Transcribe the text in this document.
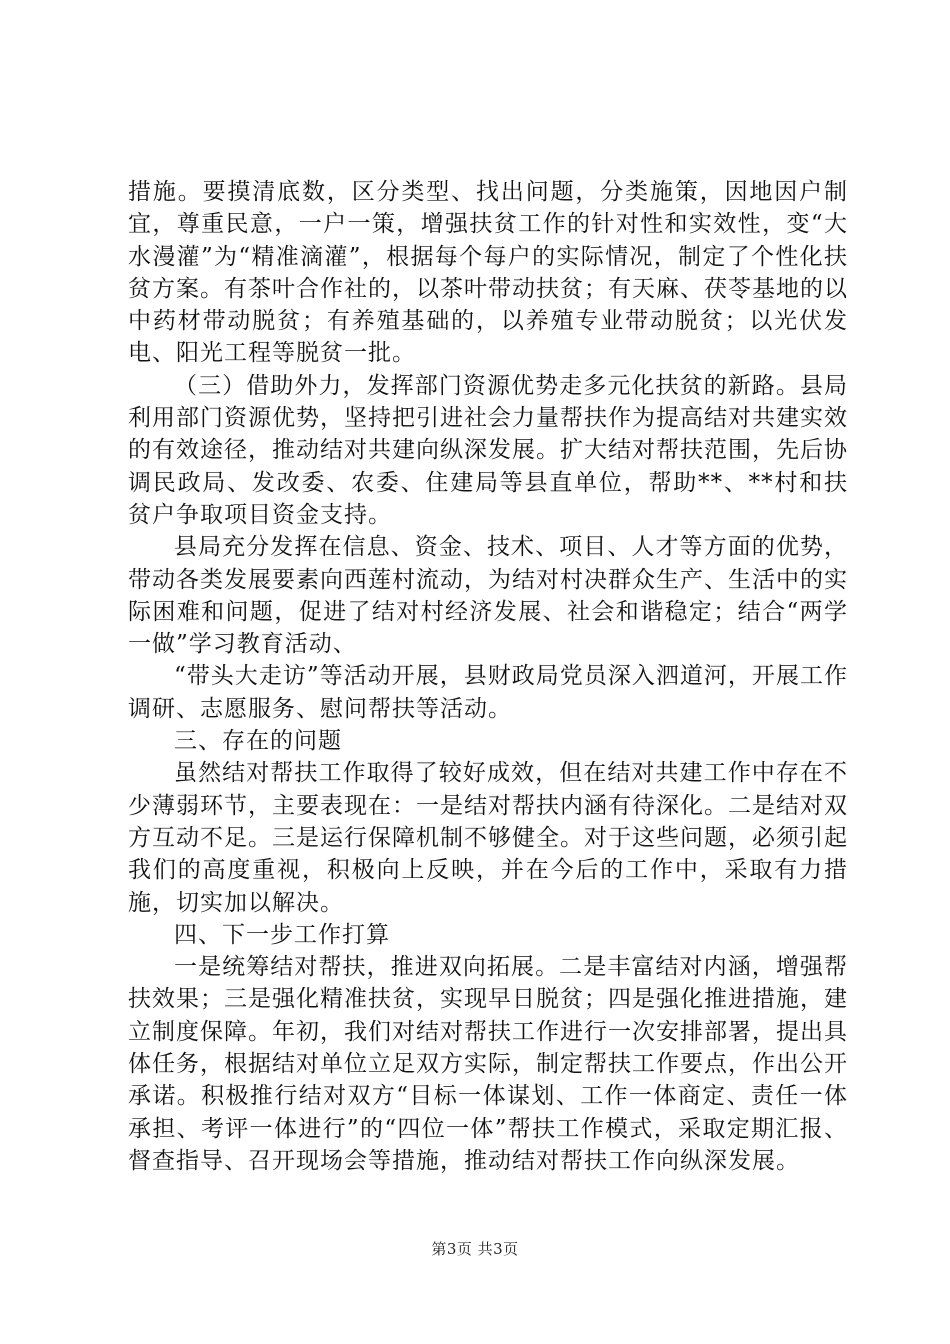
措施。要摸清底数，区分类型、找出问题，分类施策，因地因户制宜，尊重民意，一户一策，增强扶贫工作的针对性和实效性，变“大水漫灌”为“精准滴灌”，根据每个每户的实际情况，制定了个性化扶贫方案。有茶叶合作社的，以茶叶带动扶贫；有天麻、茯苓基地的以中药材带动脱贫；有养殖基础的，以养殖专业带动脱贫；以光伏发电、阳光工程等脱贫一批。

（三）借助外力，发挥部门资源优势走多元化扶贫的新路。县局利用部门资源优势，坚持把引进社会力量帮扶作为提高结对共建实效的有效途径，推动结对共建向纵深发展。扩大结对帮扶范围，先后协调民政局、发改委、农委、住建局等县直单位，帮助**、**村和扶贫户争取项目资金支持。

县局充分发挥在信息、资金、技术、项目、人才等方面的优势，带动各类发展要素向西莲村流动，为结对村决群众生产、生活中的实际困难和问题，促进了结对村经济发展、社会和谐稳定；结合“两学一做”学习教育活动、

“带头大走访”等活动开展，县财政局党员深入泗道河，开展工作调研、志愿服务、慰问帮扶等活动。

三、存在的问题

虽然结对帮扶工作取得了较好成效，但在结对共建工作中存在不少薄弱环节，主要表现在：一是结对帮扶内涵有待深化。二是结对双方互动不足。三是运行保障机制不够健全。对于这些问题，必须引起我们的高度重视，积极向上反映，并在今后的工作中，采取有力措施，切实加以解决。

四、下一步工作打算

一是统筹结对帮扶，推进双向拓展。二是丰富结对内涵，增强帮扶效果；三是强化精准扶贫，实现早日脱贫；四是强化推进措施，建立制度保障。年初，我们对结对帮扶工作进行一次安排部署，提出具体任务，根据结对单位立足双方实际，制定帮扶工作要点，作出公开承诺。积极推行结对双方“目标一体谋划、工作一体商定、责任一体承担、考评一体进行”的“四位一体”帮扶工作模式，采取定期汇报、督查指导、召开现场会等措施，推动结对帮扶工作向纵深发展。

第3页 共3页
